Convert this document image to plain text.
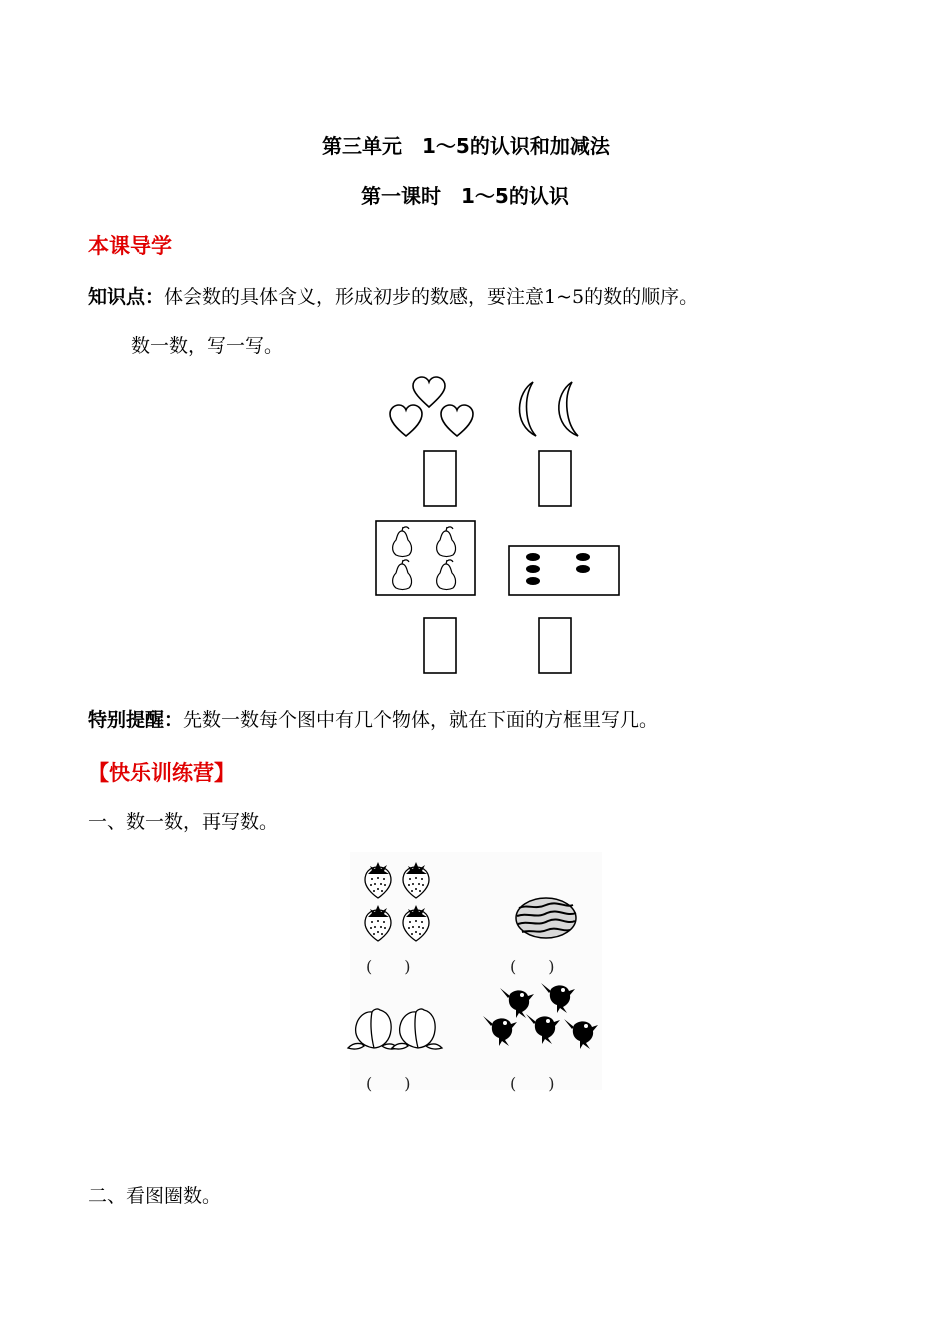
第三单元　1～5的认识和加减法
第一课时　1～5的认识
本课导学
知识点：体会数的具体含义，形成初步的数感，要注意1~5的数的顺序。
数一数，写一写。
特别提醒：先数一数每个图中有几个物体，就在下面的方框里写几。
【快乐训练营】
一、数一数，再写数。
(　　)	(　　)
(　　)	(　　)
二、看图圈数。
